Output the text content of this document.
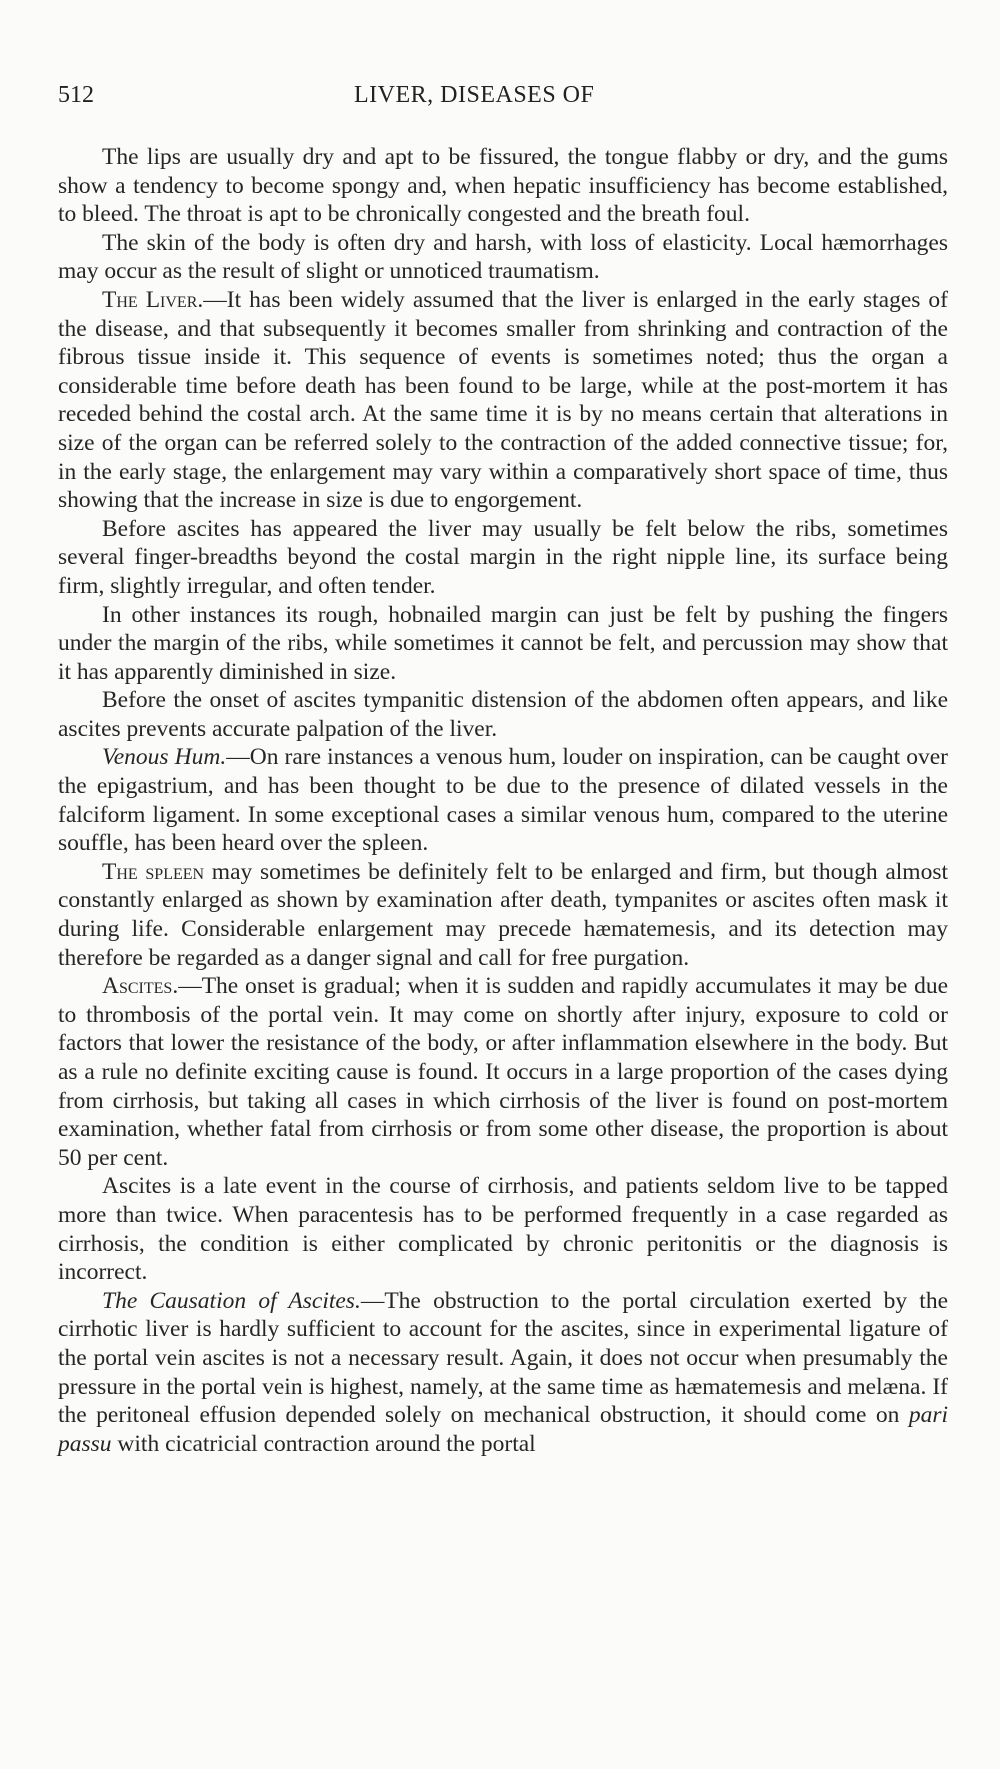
512	LIVER, DISEASES OF

The lips are usually dry and apt to be fissured, the tongue flabby or dry, and the gums show a tendency to become spongy and, when hepatic insufficiency has become established, to bleed. The throat is apt to be chronically congested and the breath foul.

The skin of the body is often dry and harsh, with loss of elasticity. Local hæmorrhages may occur as the result of slight or unnoticed traumatism.

The Liver.—It has been widely assumed that the liver is enlarged in the early stages of the disease, and that subsequently it becomes smaller from shrinking and contraction of the fibrous tissue inside it. This sequence of events is sometimes noted; thus the organ a considerable time before death has been found to be large, while at the post-mortem it has receded behind the costal arch. At the same time it is by no means certain that alterations in size of the organ can be referred solely to the contraction of the added connective tissue; for, in the early stage, the enlargement may vary within a comparatively short space of time, thus showing that the increase in size is due to engorgement.

Before ascites has appeared the liver may usually be felt below the ribs, sometimes several finger-breadths beyond the costal margin in the right nipple line, its surface being firm, slightly irregular, and often tender.

In other instances its rough, hobnailed margin can just be felt by pushing the fingers under the margin of the ribs, while sometimes it cannot be felt, and percussion may show that it has apparently diminished in size.

Before the onset of ascites tympanitic distension of the abdomen often appears, and like ascites prevents accurate palpation of the liver.

Venous Hum.—On rare instances a venous hum, louder on inspiration, can be caught over the epigastrium, and has been thought to be due to the presence of dilated vessels in the falciform ligament. In some exceptional cases a similar venous hum, compared to the uterine souffle, has been heard over the spleen.

The spleen may sometimes be definitely felt to be enlarged and firm, but though almost constantly enlarged as shown by examination after death, tympanites or ascites often mask it during life. Considerable enlargement may precede hæmatemesis, and its detection may therefore be regarded as a danger signal and call for free purgation.

Ascites.—The onset is gradual; when it is sudden and rapidly accumulates it may be due to thrombosis of the portal vein. It may come on shortly after injury, exposure to cold or factors that lower the resistance of the body, or after inflammation elsewhere in the body. But as a rule no definite exciting cause is found. It occurs in a large proportion of the cases dying from cirrhosis, but taking all cases in which cirrhosis of the liver is found on post-mortem examination, whether fatal from cirrhosis or from some other disease, the proportion is about 50 per cent.

Ascites is a late event in the course of cirrhosis, and patients seldom live to be tapped more than twice. When paracentesis has to be performed frequently in a case regarded as cirrhosis, the condition is either complicated by chronic peritonitis or the diagnosis is incorrect.

The Causation of Ascites.—The obstruction to the portal circulation exerted by the cirrhotic liver is hardly sufficient to account for the ascites, since in experimental ligature of the portal vein ascites is not a necessary result. Again, it does not occur when presumably the pressure in the portal vein is highest, namely, at the same time as hæmatemesis and melæna. If the peritoneal effusion depended solely on mechanical obstruction, it should come on pari passu with cicatricial contraction around the portal
